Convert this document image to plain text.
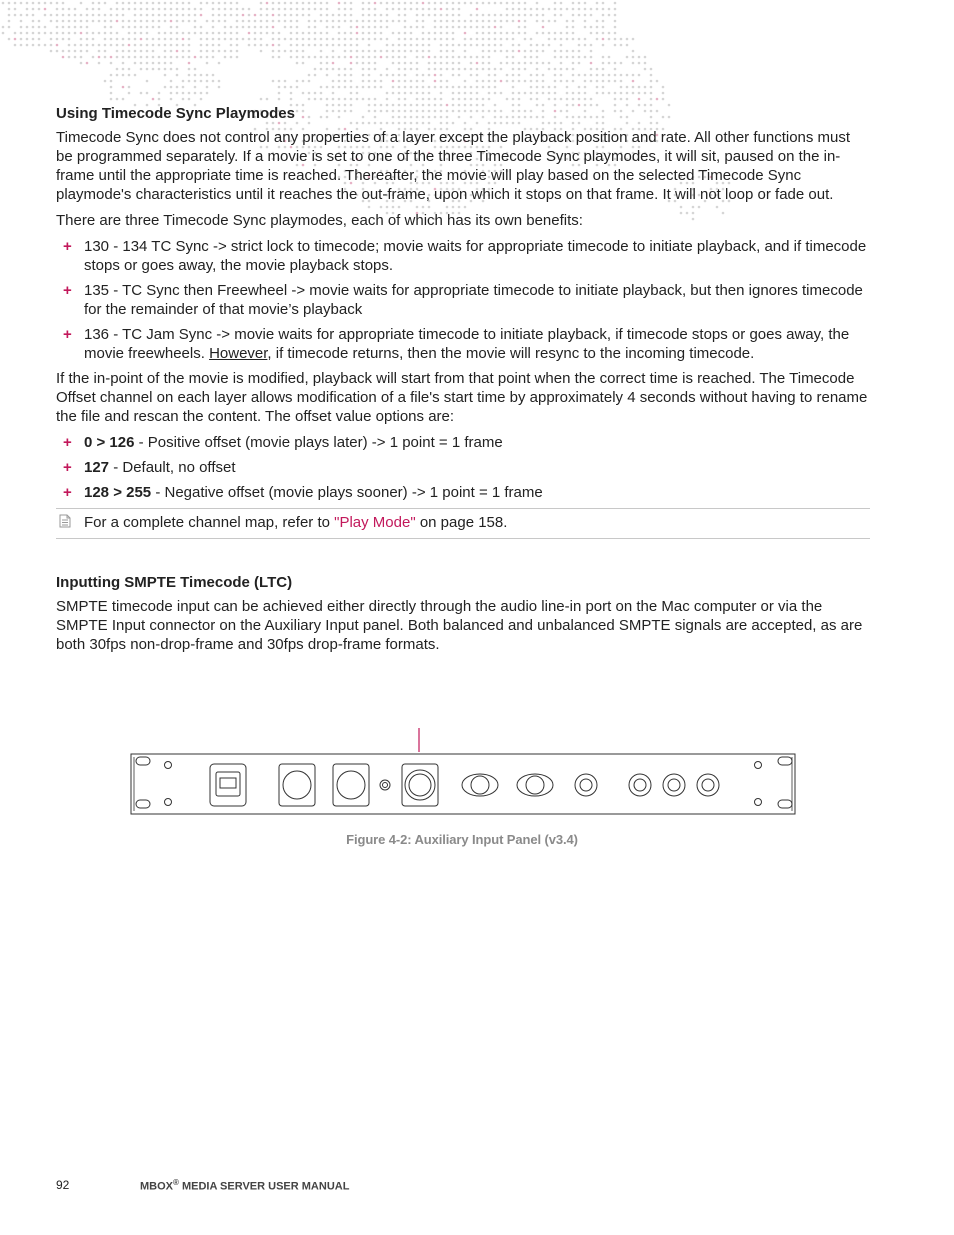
Using Timecode Sync Playmodes

Timecode Sync does not control any properties of a layer except the playback position and rate. All other functions must be programmed separately. If a movie is set to one of the three Timecode Sync playmodes, it will sit, paused on the in-frame until the appropriate time is reached. Thereafter, the movie will play based on the selected Timecode Sync playmode's characteristics until it reaches the out-frame, upon which it stops on that frame. It will not loop or fade out.

There are three Timecode Sync playmodes, each of which has its own benefits:

+ 130 - 134 TC Sync -> strict lock to timecode; movie waits for appropriate timecode to initiate playback, and if timecode stops or goes away, the movie playback stops.
+ 135 - TC Sync then Freewheel -> movie waits for appropriate timecode to initiate playback, but then ignores timecode for the remainder of that movie’s playback
+ 136 - TC Jam Sync -> movie waits for appropriate timecode to initiate playback, if timecode stops or goes away, the movie freewheels. However, if timecode returns, then the movie will resync to the incoming timecode.

If the in-point of the movie is modified, playback will start from that point when the correct time is reached. The Timecode Offset channel on each layer allows modification of a file's start time by approximately 4 seconds without having to rename the file and rescan the content. The offset value options are:

+ 0 > 126 - Positive offset (movie plays later) -> 1 point = 1 frame
+ 127 - Default, no offset
+ 128 > 255 - Negative offset (movie plays sooner) -> 1 point = 1 frame
For a complete channel map, refer to "Play Mode" on page 158.
Inputting SMPTE Timecode (LTC)

SMPTE timecode input can be achieved either directly through the audio line-in port on the Mac computer or via the SMPTE Input connector on the Auxiliary Input panel. Both balanced and unbalanced SMPTE signals are accepted, as are both 30fps non-drop-frame and 30fps drop-frame formats.

Figure 4-2: Auxiliary Input Panel (v3.4)
92	MBOX® MEDIA SERVER USER MANUAL
